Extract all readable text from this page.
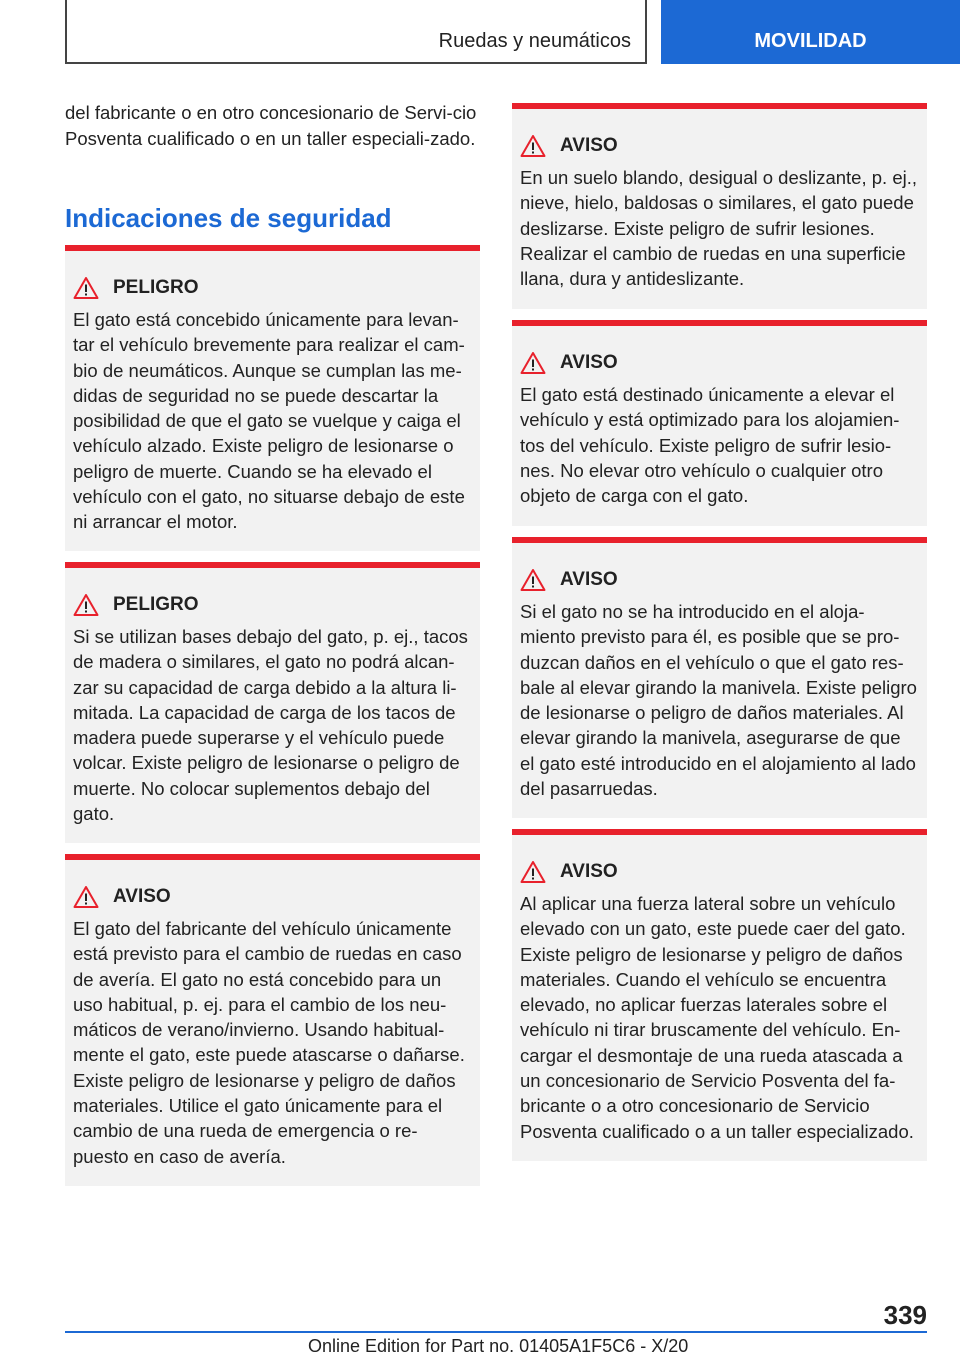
Ruedas y neumáticos	MOVILIDAD
del fabricante o en otro concesionario de Servi-cio Posventa cualificado o en un taller especiali-zado.
Indicaciones de seguridad
PELIGRO
El gato está concebido únicamente para levan-tar el vehículo brevemente para realizar el cam-bio de neumáticos. Aunque se cumplan las me-didas de seguridad no se puede descartar la posibilidad de que el gato se vuelque y caiga el vehículo alzado. Existe peligro de lesionarse o peligro de muerte. Cuando se ha elevado el vehículo con el gato, no situarse debajo de este ni arrancar el motor.
PELIGRO
Si se utilizan bases debajo del gato, p. ej., tacos de madera o similares, el gato no podrá alcan-zar su capacidad de carga debido a la altura li-mitada. La capacidad de carga de los tacos de madera puede superarse y el vehículo puede volcar. Existe peligro de lesionarse o peligro de muerte. No colocar suplementos debajo del gato.
AVISO
El gato del fabricante del vehículo únicamente está previsto para el cambio de ruedas en caso de avería. El gato no está concebido para un uso habitual, p. ej. para el cambio de los neu-máticos de verano/invierno. Usando habitual-mente el gato, este puede atascarse o dañarse. Existe peligro de lesionarse y peligro de daños materiales. Utilice el gato únicamente para el cambio de una rueda de emergencia o re-puesto en caso de avería.
AVISO
En un suelo blando, desigual o deslizante, p. ej., nieve, hielo, baldosas o similares, el gato puede deslizarse. Existe peligro de sufrir lesiones. Realizar el cambio de ruedas en una superficie llana, dura y antideslizante.
AVISO
El gato está destinado únicamente a elevar el vehículo y está optimizado para los alojamien-tos del vehículo. Existe peligro de sufrir lesio-nes. No elevar otro vehículo o cualquier otro objeto de carga con el gato.
AVISO
Si el gato no se ha introducido en el aloja-miento previsto para él, es posible que se pro-duzcan daños en el vehículo o que el gato res-bale al elevar girando la manivela. Existe peligro de lesionarse o peligro de daños materiales. Al elevar girando la manivela, asegurarse de que el gato esté introducido en el alojamiento al lado del pasarruedas.
AVISO
Al aplicar una fuerza lateral sobre un vehículo elevado con un gato, este puede caer del gato. Existe peligro de lesionarse y peligro de daños materiales. Cuando el vehículo se encuentra elevado, no aplicar fuerzas laterales sobre el vehículo ni tirar bruscamente del vehículo. En-cargar el desmontaje de una rueda atascada a un concesionario de Servicio Posventa del fa-bricante o a otro concesionario de Servicio Posventa cualificado o a un taller especializado.
339
Online Edition for Part no. 01405A1F5C6 - X/20
